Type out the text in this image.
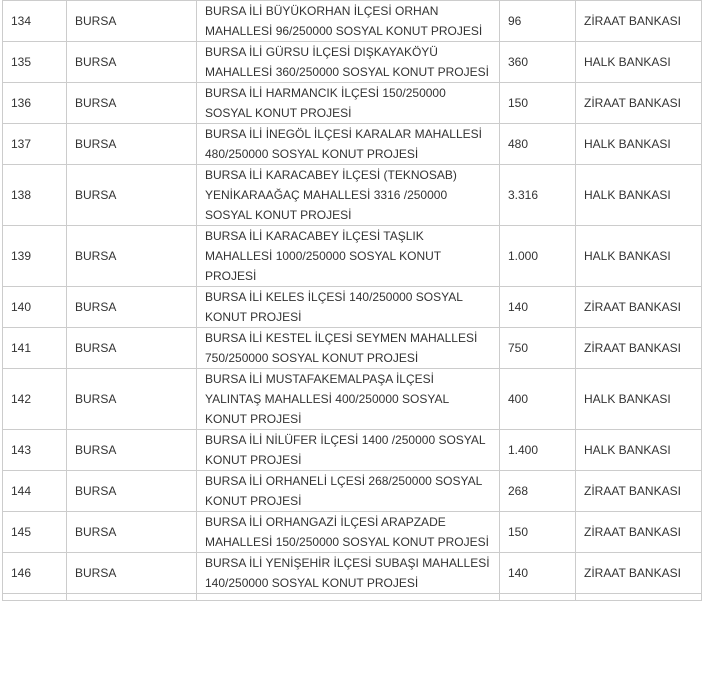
134	BURSA	BURSA İLİ BÜYÜKORHAN İLÇESİ ORHAN MAHALLESİ 96/250000 SOSYAL KONUT PROJESİ	96	ZİRAAT BANKASI
135	BURSA	BURSA İLİ GÜRSU İLÇESİ DIŞKAYAKÖYÜ MAHALLESİ 360/250000 SOSYAL KONUT PROJESİ	360	HALK BANKASI
136	BURSA	BURSA İLİ HARMANCIK İLÇESİ 150/250000 SOSYAL KONUT PROJESİ	150	ZİRAAT BANKASI
137	BURSA	BURSA İLİ İNEGÖL İLÇESİ KARALAR MAHALLESİ 480/250000 SOSYAL KONUT PROJESİ	480	HALK BANKASI
138	BURSA	BURSA İLİ KARACABEY İLÇESİ (TEKNOSAB) YENİKARAAĞAÇ MAHALLESİ 3316 /250000 SOSYAL KONUT PROJESİ	3.316	HALK BANKASI
139	BURSA	BURSA İLİ KARACABEY İLÇESİ TAŞLIK MAHALLESİ 1000/250000 SOSYAL KONUT PROJESİ	1.000	HALK BANKASI
140	BURSA	BURSA İLİ KELES İLÇESİ 140/250000 SOSYAL KONUT PROJESİ	140	ZİRAAT BANKASI
141	BURSA	BURSA İLİ KESTEL İLÇESİ SEYMEN MAHALLESİ 750/250000 SOSYAL KONUT PROJESİ	750	ZİRAAT BANKASI
142	BURSA	BURSA İLİ MUSTAFAKEMALPAŞA İLÇESİ YALINTAŞ MAHALLESİ 400/250000 SOSYAL KONUT PROJESİ	400	HALK BANKASI
143	BURSA	BURSA İLİ NİLÜFER İLÇESİ 1400 /250000 SOSYAL KONUT PROJESİ	1.400	HALK BANKASI
144	BURSA	BURSA İLİ ORHANELİ LÇESİ 268/250000 SOSYAL KONUT PROJESİ	268	ZİRAAT BANKASI
145	BURSA	BURSA İLİ ORHANGAZİ İLÇESİ ARAPZADE MAHALLESİ 150/250000 SOSYAL KONUT PROJESİ	150	ZİRAAT BANKASI
146	BURSA	BURSA İLİ YENİŞEHİR İLÇESİ SUBAŞI MAHALLESİ 140/250000 SOSYAL KONUT PROJESİ	140	ZİRAAT BANKASI
